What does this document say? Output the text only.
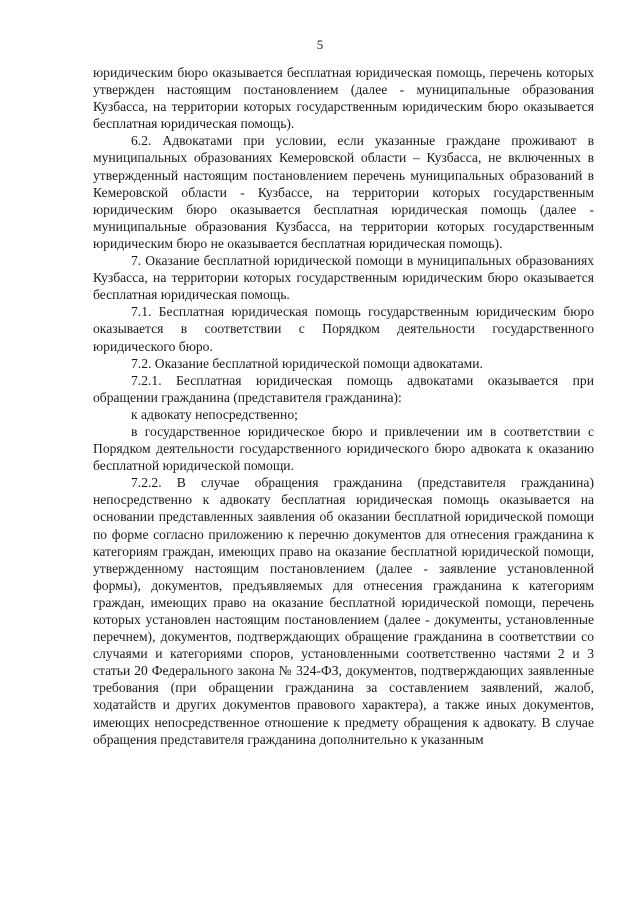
5

юридическим бюро оказывается бесплатная юридическая помощь, перечень которых утвержден настоящим постановлением (далее - муниципальные образования Кузбасса, на территории которых государственным юридическим бюро оказывается бесплатная юридическая помощь).

6.2. Адвокатами при условии, если указанные граждане проживают в муниципальных образованиях Кемеровской области – Кузбасса, не включенных в утвержденный настоящим постановлением перечень муниципальных образований в Кемеровской области - Кузбассе, на территории которых государственным юридическим бюро оказывается бесплатная юридическая помощь (далее - муниципальные образования Кузбасса, на территории которых государственным юридическим бюро не оказывается бесплатная юридическая помощь).

7. Оказание бесплатной юридической помощи в муниципальных образованиях Кузбасса, на территории которых государственным юридическим бюро оказывается бесплатная юридическая помощь.

7.1. Бесплатная юридическая помощь государственным юридическим бюро оказывается в соответствии с Порядком деятельности государственного юридического бюро.

7.2. Оказание бесплатной юридической помощи адвокатами.

7.2.1. Бесплатная юридическая помощь адвокатами оказывается при обращении гражданина (представителя гражданина):

к адвокату непосредственно;

в государственное юридическое бюро и привлечении им в соответствии с Порядком деятельности государственного юридического бюро адвоката к оказанию бесплатной юридической помощи.

7.2.2. В случае обращения гражданина (представителя гражданина) непосредственно к адвокату бесплатная юридическая помощь оказывается на основании представленных заявления об оказании бесплатной юридической помощи по форме согласно приложению к перечню документов для отнесения гражданина к категориям граждан, имеющих право на оказание бесплатной юридической помощи, утвержденному настоящим постановлением (далее - заявление установленной формы), документов, предъявляемых для отнесения гражданина к категориям граждан, имеющих право на оказание бесплатной юридической помощи, перечень которых установлен настоящим постановлением (далее - документы, установленные перечнем), документов, подтверждающих обращение гражданина в соответствии со случаями и категориями споров, установленными соответственно частями 2 и 3 статьи 20 Федерального закона № 324-ФЗ, документов, подтверждающих заявленные требования (при обращении гражданина за составлением заявлений, жалоб, ходатайств и других документов правового характера), а также иных документов, имеющих непосредственное отношение к предмету обращения к адвокату. В случае обращения представителя гражданина дополнительно к указанным
